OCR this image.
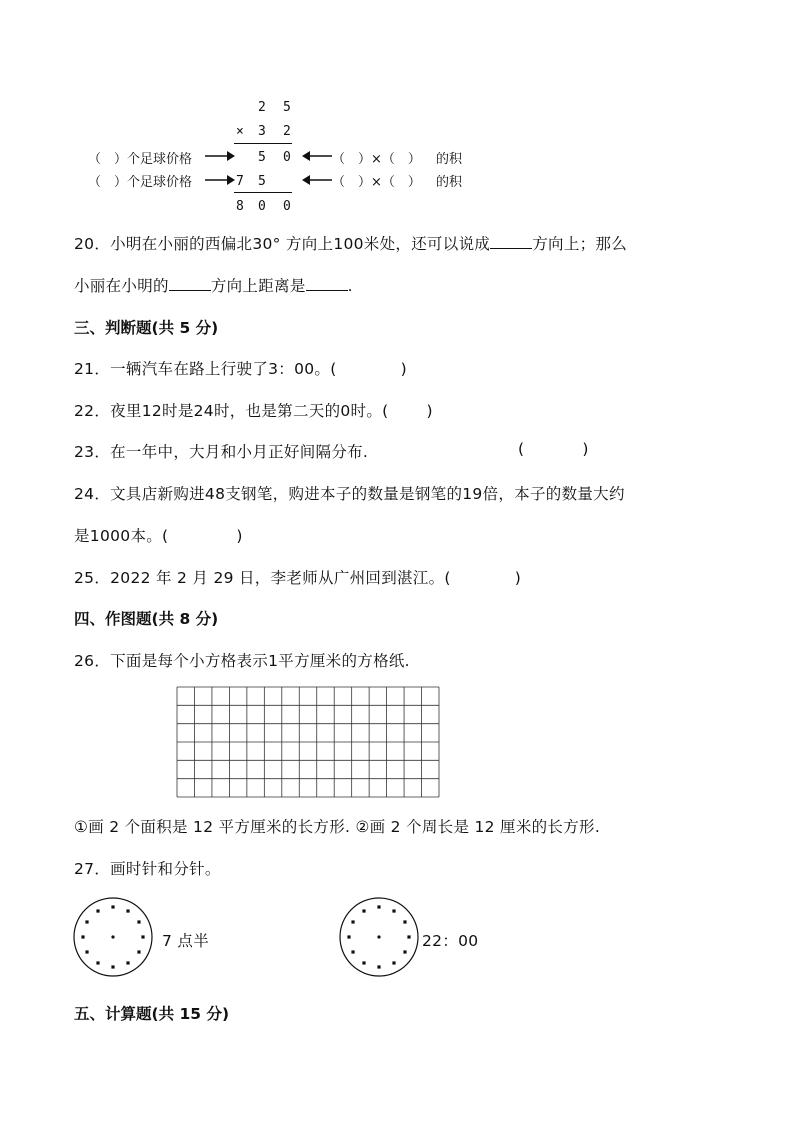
2 5
× 3 2
（　）个足球价格	5 0	（　）×（　） 的积
（　）个足球价格	7 5	（　）×（　） 的积
8 0 0
20．小明在小丽的西偏北30° 方向上100米处，还可以说成	方向上；那么
小丽在小明的	方向上距离是	.
三、判断题(共 5 分)
21．一辆汽车在路上行驶了3：00。(	)
22．夜里12时是24时，也是第二天的0时。( )
23．在一年中，大月和小月正好间隔分布.	(	)
24．文具店新购进48支钢笔，购进本子的数量是钢笔的19倍，本子的数量大约
是1000本。(	)
25．2022 年 2 月 29 日，李老师从广州回到湛江。(	)
四、作图题(共 8 分)
26．下面是每个小方格表示1平方厘米的方格纸.
①画 2 个面积是 12 平方厘米的长方形. ②画 2 个周长是 12 厘米的长方形.
27．画时针和分针。
7 点半	22：00
五、计算题(共 15 分)
